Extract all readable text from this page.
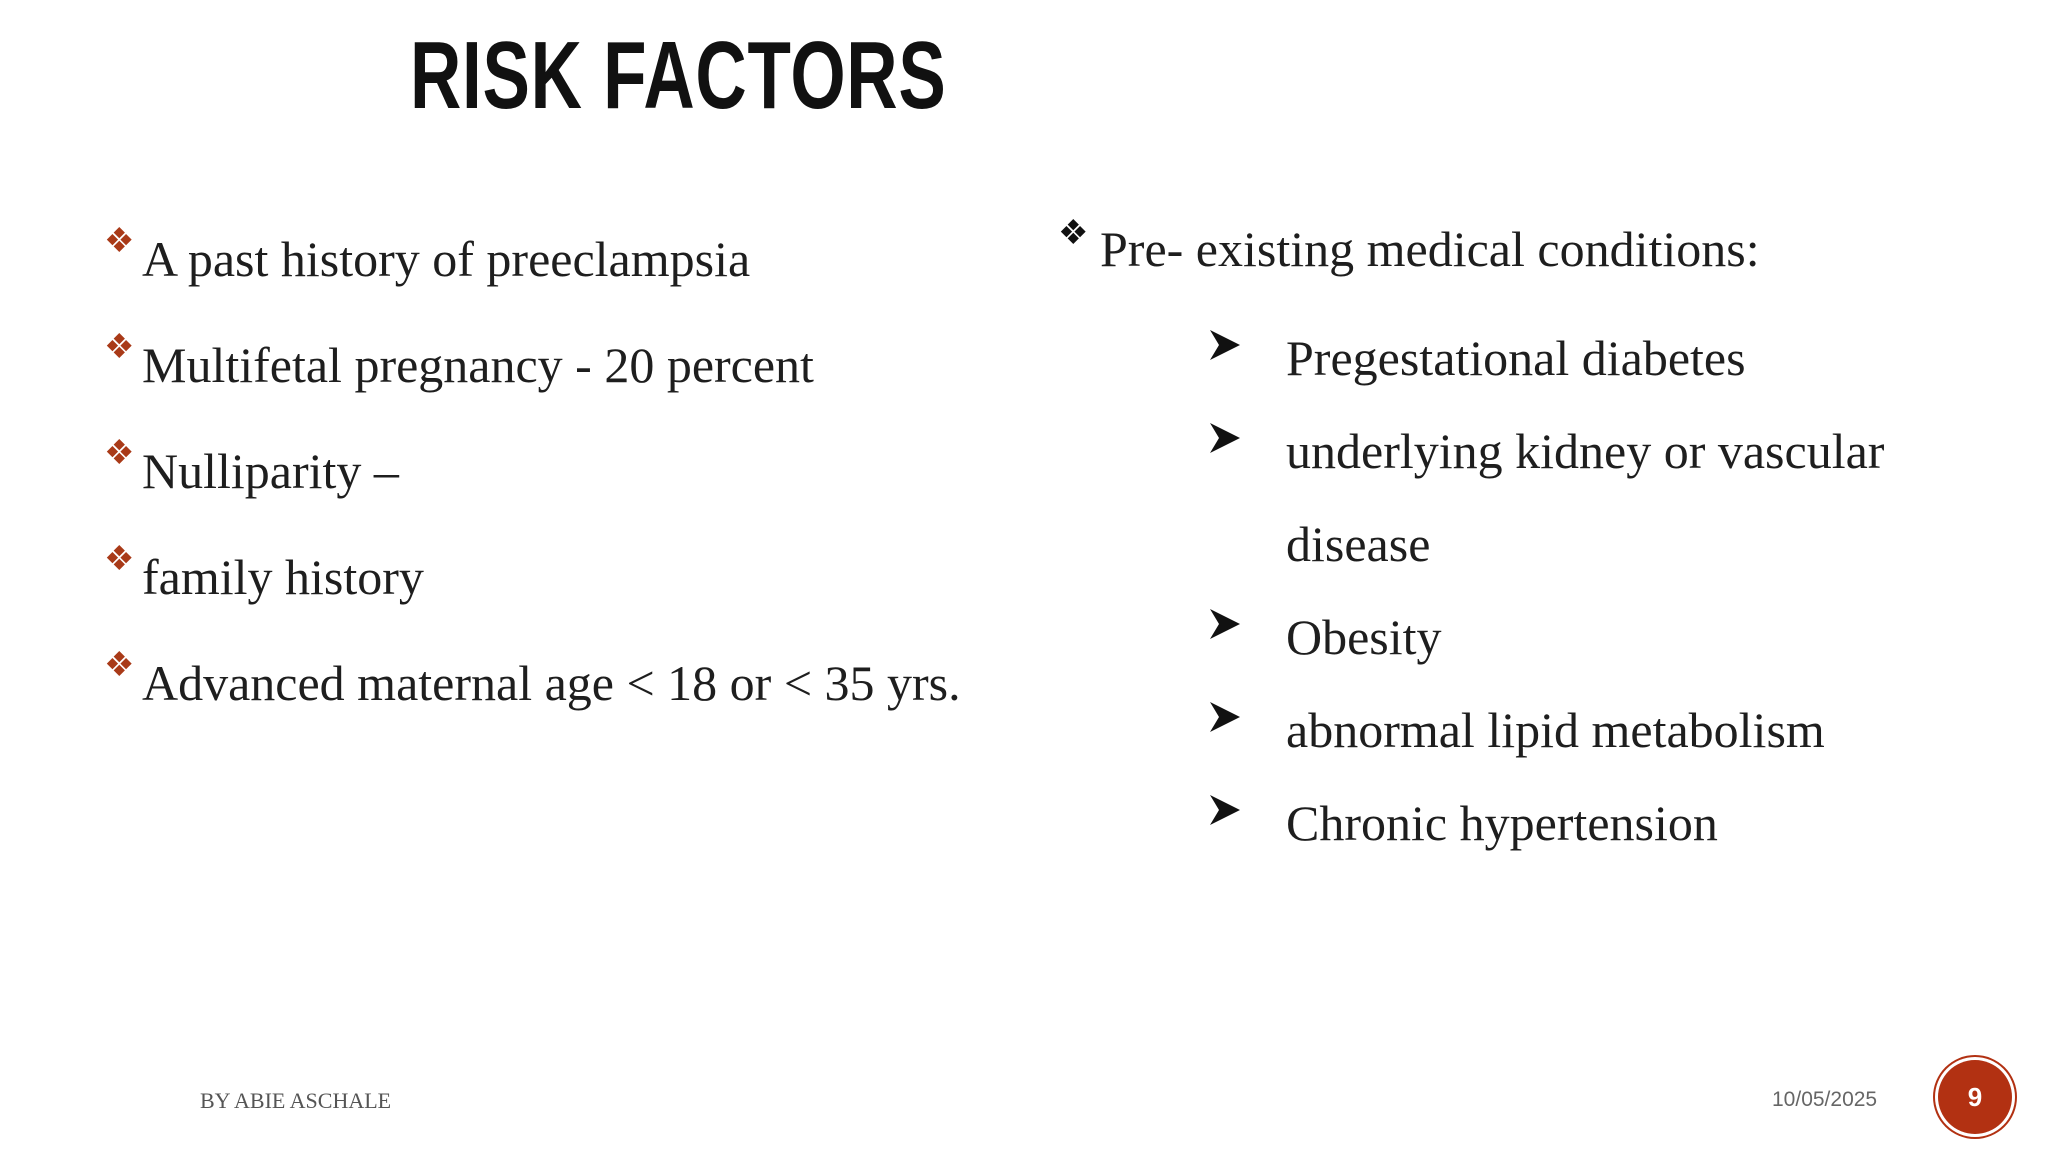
RISK FACTORS
❖ A past history of preeclampsia
❖ Multifetal pregnancy - 20 percent
❖ Nulliparity –
❖ family history
❖ Advanced maternal age < 18 or < 35 yrs.
❖ Pre- existing medical conditions:
Pregestational diabetes
underlying kidney or vascular
disease
Obesity
abnormal lipid metabolism
Chronic hypertension
BY ABIE ASCHALE	10/05/2025	9
